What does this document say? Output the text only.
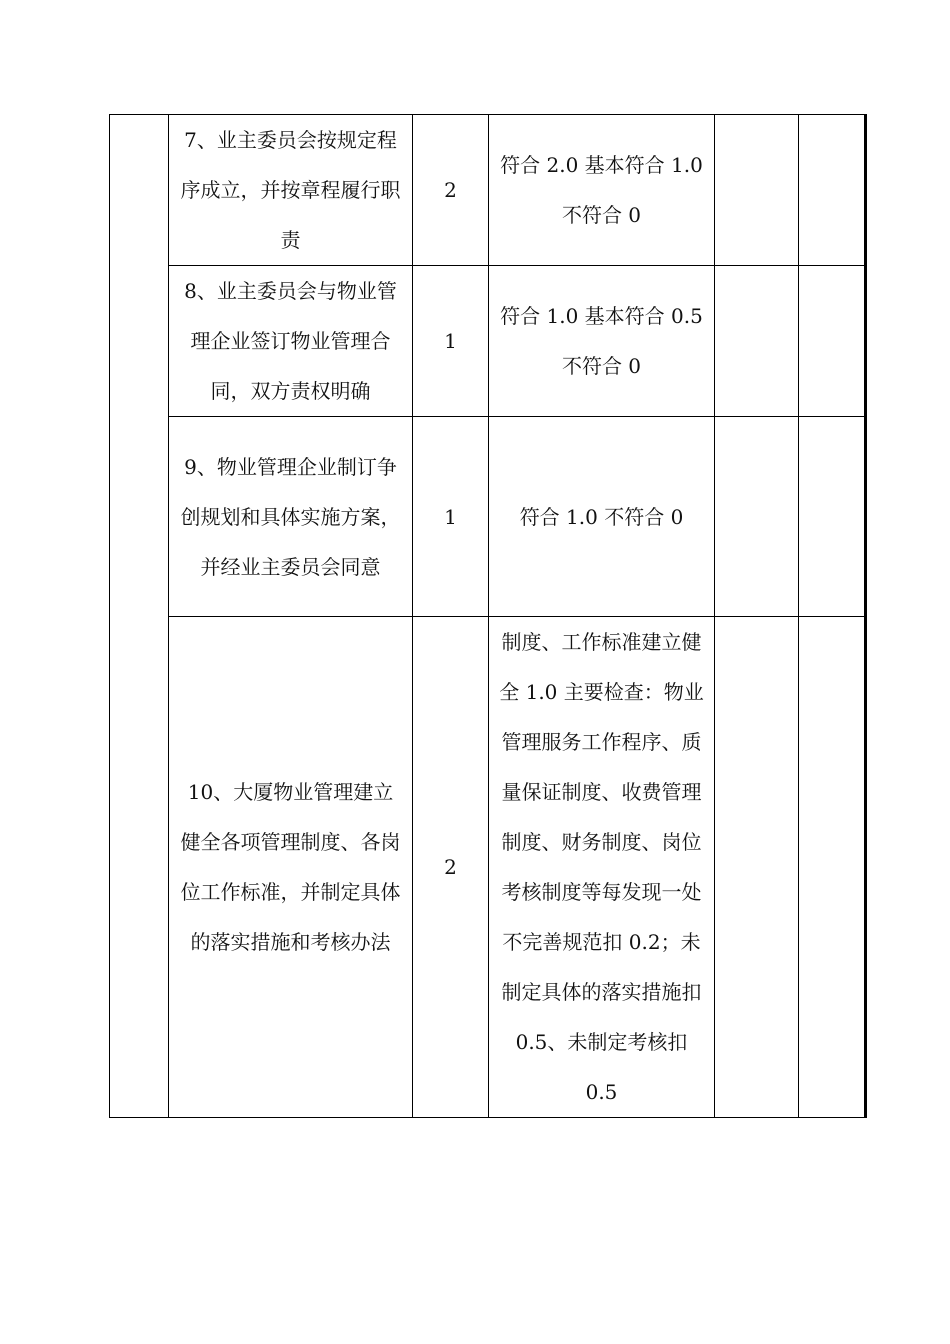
	7、业主委员会按规定程序成立，并按章程履行职责	2	符合 2.0 基本符合 1.0 不符合 0		

	8、业主委员会与物业管理企业签订物业管理合同，双方责权明确	1	符合 1.0 基本符合 0.5 不符合 0		

	9、物业管理企业制订争创规划和具体实施方案，并经业主委员会同意	1	符合 1.0 不符合 0		

	10、大厦物业管理建立健全各项管理制度、各岗位工作标准，并制定具体的落实措施和考核办法	2	制度、工作标准建立健全 1.0 主要检查：物业管理服务工作程序、质量保证制度、收费管理制度、财务制度、岗位考核制度等每发现一处不完善规范扣 0.2；未制定具体的落实措施扣 0.5、未制定考核扣 0.5		
